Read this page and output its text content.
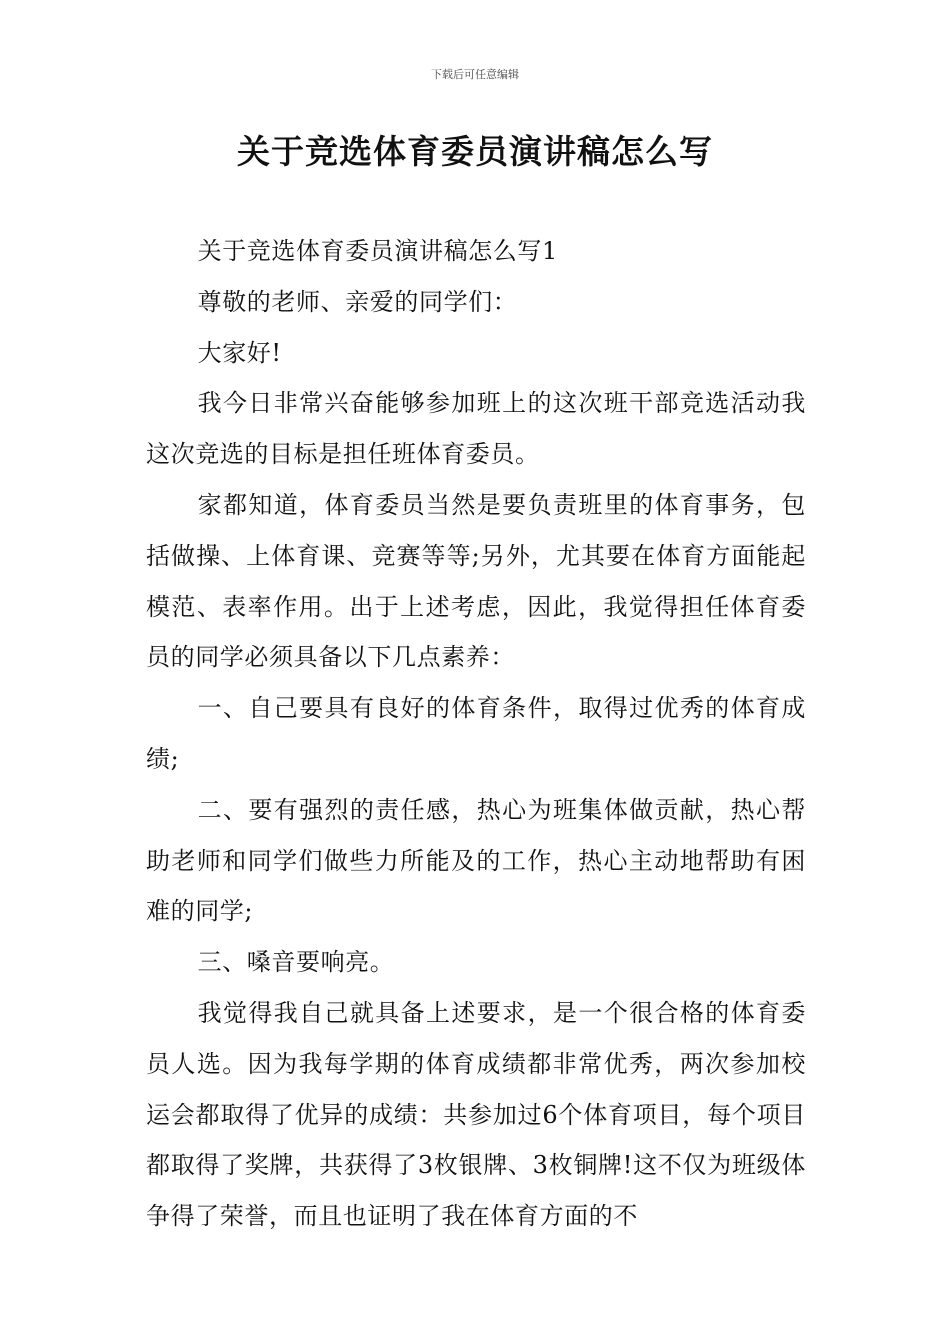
下载后可任意编辑
关于竞选体育委员演讲稿怎么写

关于竞选体育委员演讲稿怎么写1

尊敬的老师、亲爱的同学们：

大家好!

我今日非常兴奋能够参加班上的这次班干部竞选活动我这次竞选的目标是担任班体育委员。

家都知道，体育委员当然是要负责班里的体育事务，包括做操、上体育课、竞赛等等;另外，尤其要在体育方面能起模范、表率作用。出于上述考虑，因此，我觉得担任体育委员的同学必须具备以下几点素养：

一、自己要具有良好的体育条件，取得过优秀的体育成绩;

二、要有强烈的责任感，热心为班集体做贡献，热心帮助老师和同学们做些力所能及的工作，热心主动地帮助有困难的同学;

三、嗓音要响亮。

我觉得我自己就具备上述要求，是一个很合格的体育委员人选。因为我每学期的体育成绩都非常优秀，两次参加校运会都取得了优异的成绩：共参加过6个体育项目，每个项目都取得了奖牌，共获得了3枚银牌、3枚铜牌!这不仅为班级体争得了荣誉，而且也证明了我在体育方面的不
